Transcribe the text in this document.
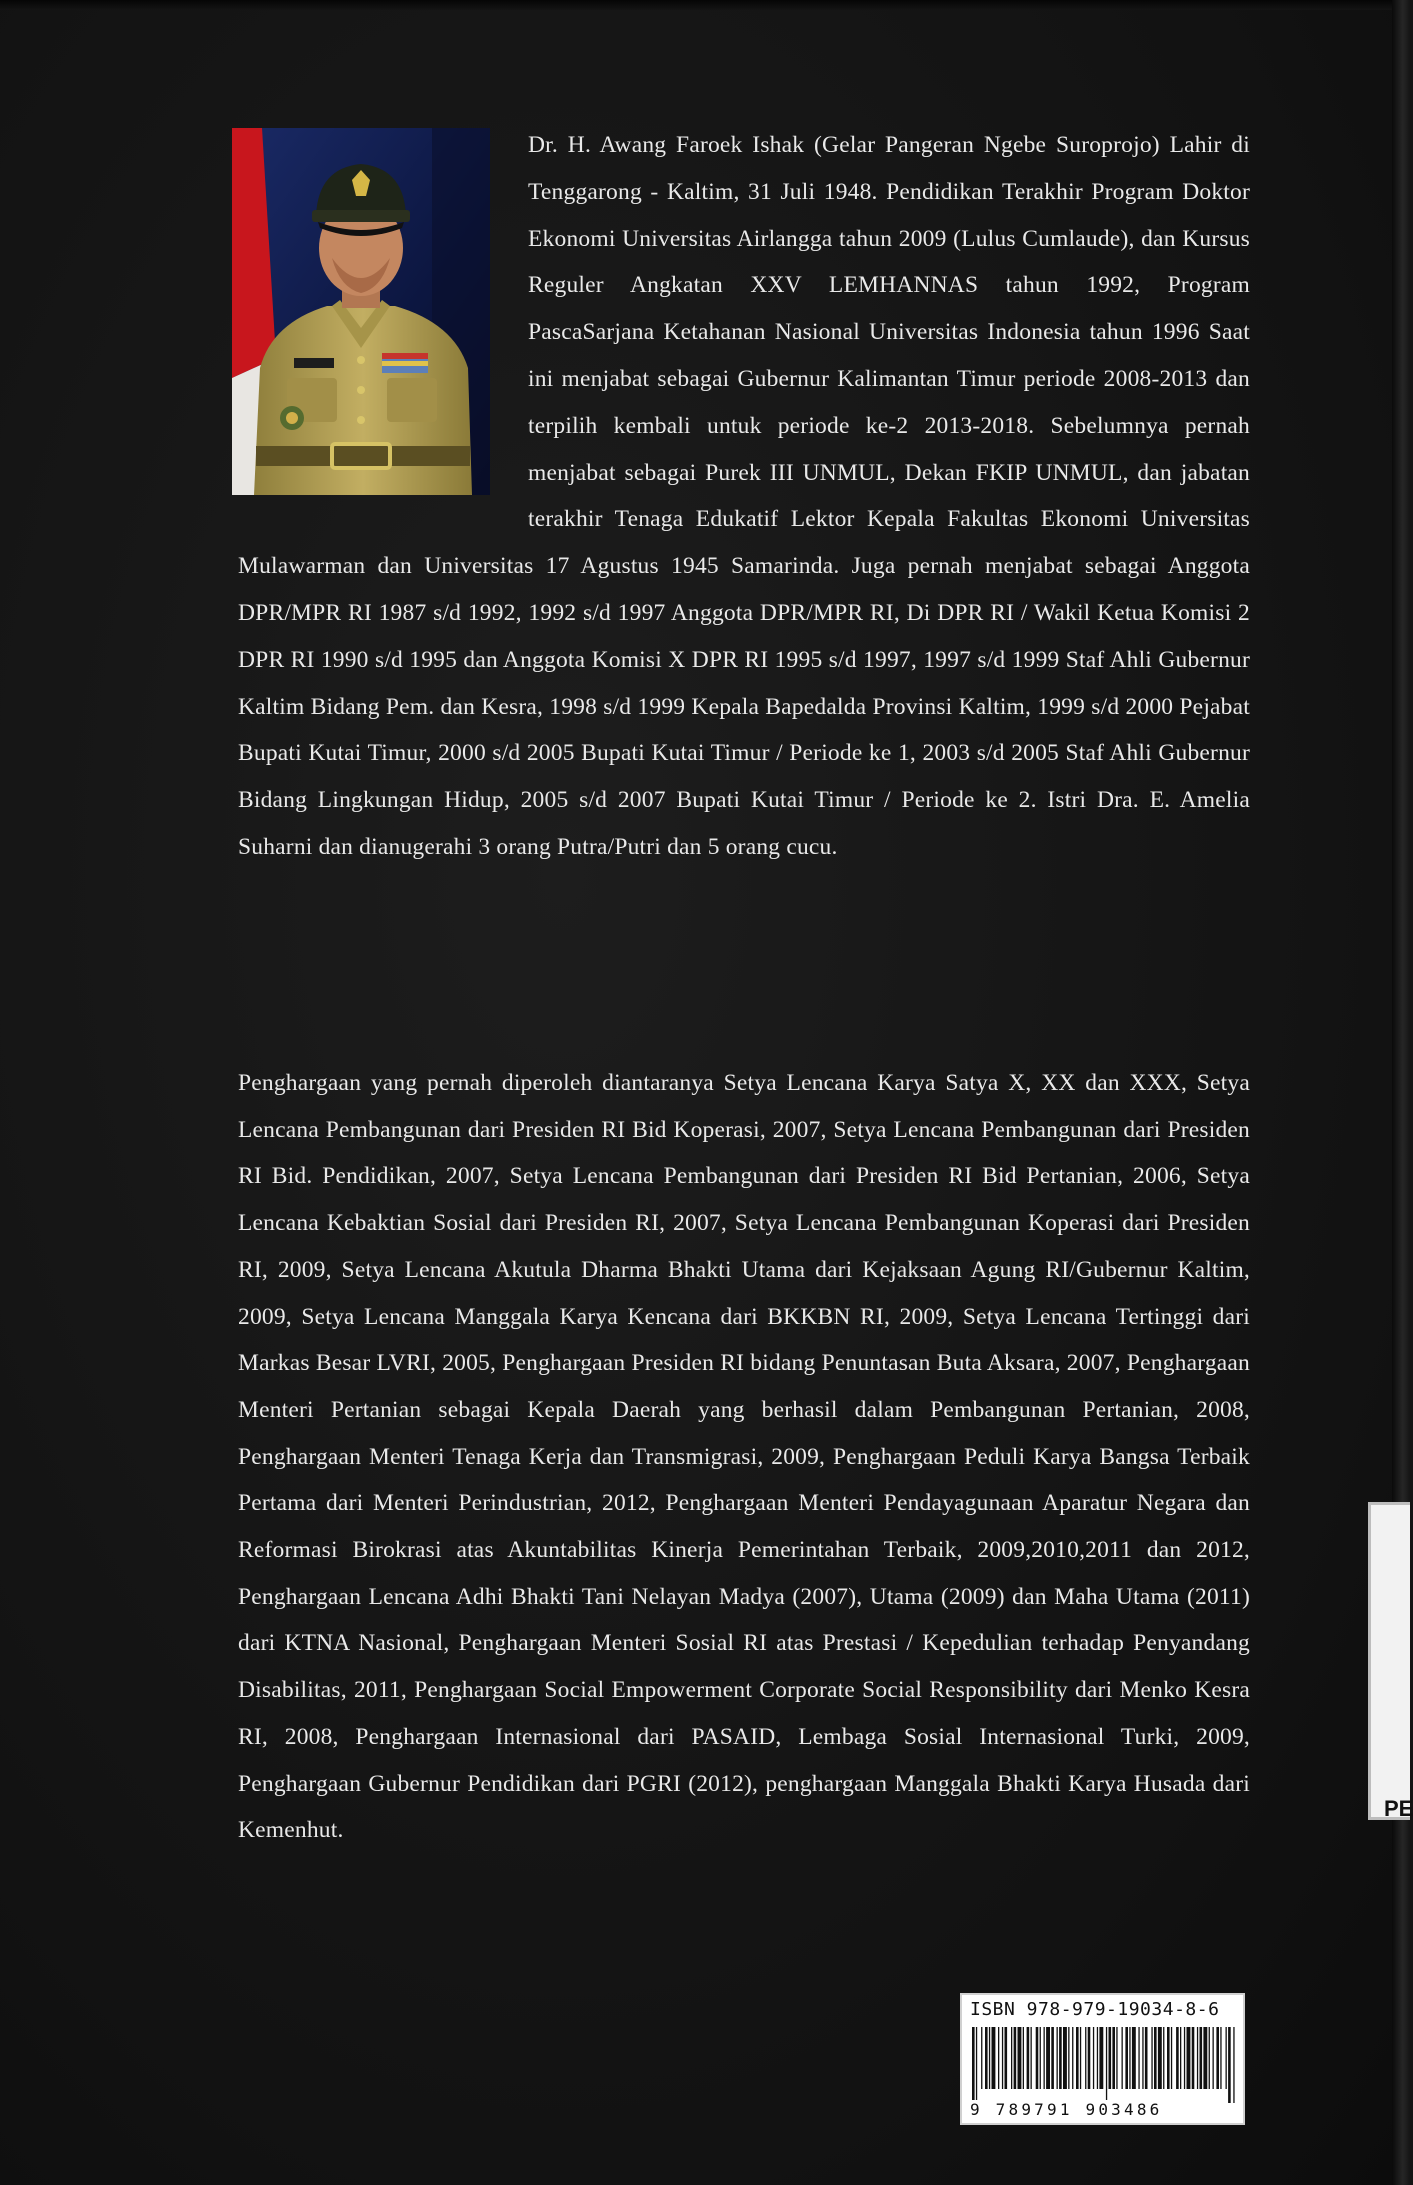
Dr. H. Awang Faroek Ishak (Gelar Pangeran Ngebe Suroprojo) Lahir di Tenggarong - Kaltim, 31 Juli 1948. Pendidikan Terakhir Program Doktor Ekonomi Universitas Airlangga tahun 2009 (Lulus Cumlaude), dan Kursus Reguler Angkatan XXV LEMHANNAS tahun 1992, Program PascaSarjana Ketahanan Nasional Universitas Indonesia tahun 1996 Saat ini menjabat sebagai Gubernur Kalimantan Timur periode 2008-2013 dan terpilih kembali untuk periode ke-2 2013-2018. Sebelumnya pernah menjabat sebagai Purek III UNMUL, Dekan FKIP UNMUL, dan jabatan terakhir Tenaga Edukatif Lektor Kepala Fakultas Ekonomi Universitas Mulawarman dan Universitas 17 Agustus 1945 Samarinda. Juga pernah menjabat sebagai Anggota DPR/MPR RI 1987 s/d 1992, 1992 s/d 1997 Anggota DPR/MPR RI, Di DPR RI / Wakil Ketua Komisi 2 DPR RI 1990 s/d 1995 dan Anggota Komisi X DPR RI 1995 s/d 1997, 1997 s/d 1999 Staf Ahli Gubernur Kaltim Bidang Pem. dan Kesra, 1998 s/d 1999 Kepala Bapedalda Provinsi Kaltim, 1999 s/d 2000 Pejabat Bupati Kutai Timur, 2000 s/d 2005 Bupati Kutai Timur / Periode ke 1, 2003 s/d 2005 Staf Ahli Gubernur Bidang Lingkungan Hidup, 2005 s/d 2007 Bupati Kutai Timur / Periode ke 2. Istri Dra. E. Amelia Suharni dan dianugerahi 3 orang Putra/Putri dan 5 orang cucu.
Penghargaan yang pernah diperoleh diantaranya Setya Lencana Karya Satya X, XX dan XXX, Setya Lencana Pembangunan dari Presiden RI Bid Koperasi, 2007, Setya Lencana Pembangunan dari Presiden RI Bid. Pendidikan, 2007, Setya Lencana Pembangunan dari Presiden RI Bid Pertanian, 2006, Setya Lencana Kebaktian Sosial dari Presiden RI, 2007, Setya Lencana Pembangunan Koperasi dari Presiden RI, 2009, Setya Lencana Akutula Dharma Bhakti Utama dari Kejaksaan Agung RI/Gubernur Kaltim, 2009, Setya Lencana Manggala Karya Kencana dari BKKBN RI, 2009, Setya Lencana Tertinggi dari Markas Besar LVRI, 2005, Penghargaan Presiden RI bidang Penuntasan Buta Aksara, 2007, Penghargaan Menteri Pertanian sebagai Kepala Daerah yang berhasil dalam Pembangunan Pertanian, 2008, Penghargaan Menteri Tenaga Kerja dan Transmigrasi, 2009, Penghargaan Peduli Karya Bangsa Terbaik Pertama dari Menteri Perindustrian, 2012, Penghargaan Menteri Pendayagunaan Aparatur Negara dan Reformasi Birokrasi atas Akuntabilitas Kinerja Pemerintahan Terbaik, 2009,2010,2011 dan 2012, Penghargaan Lencana Adhi Bhakti Tani Nelayan Madya (2007), Utama (2009) dan Maha Utama (2011) dari KTNA Nasional, Penghargaan Menteri Sosial RI atas Prestasi / Kepedulian terhadap Penyandang Disabilitas, 2011, Penghargaan Social Empowerment Corporate Social Responsibility dari Menko Kesra RI, 2008, Penghargaan Internasional dari PASAID, Lembaga Sosial Internasional Turki, 2009, Penghargaan Gubernur Pendidikan dari PGRI (2012), penghargaan Manggala Bhakti Karya Husada dari Kemenhut.
PE
ISBN 978-979-19034-8-6
9 789791 903486
